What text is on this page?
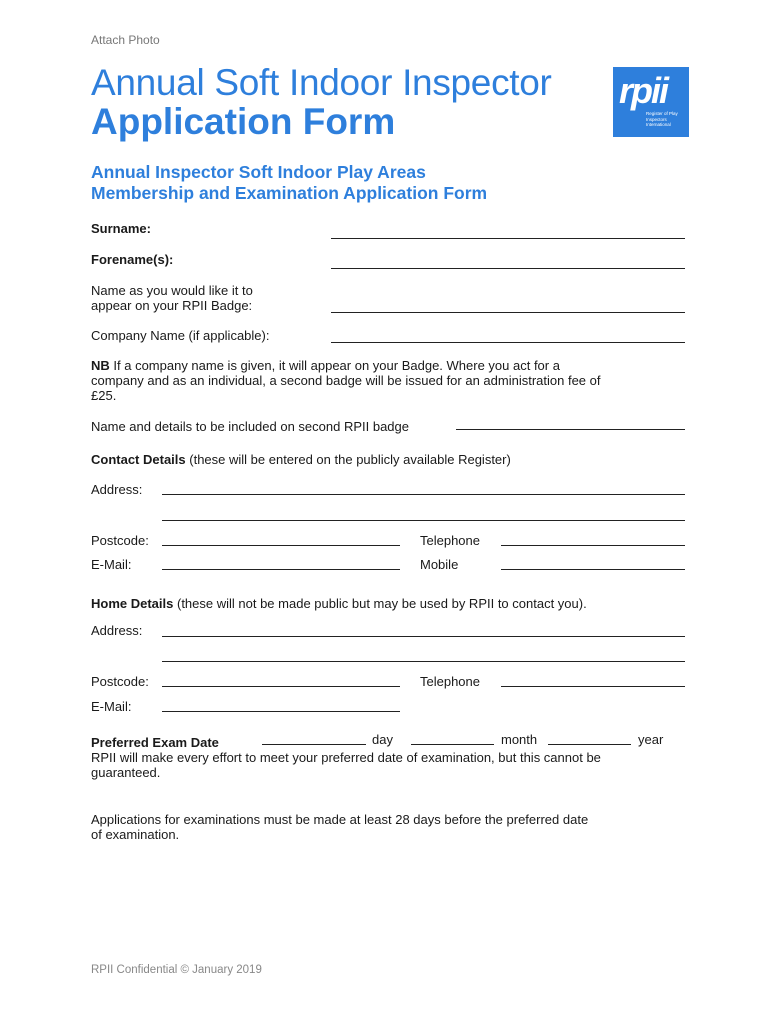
Attach Photo
Annual Soft Indoor Inspector
Application Form
rpii
Register of Play Inspectors International
Annual Inspector Soft Indoor Play Areas
Membership and Examination Application Form
Surname:
Forename(s):
Name as you would like it to
appear on your RPII Badge:
Company Name (if applicable):
NB If a company name is given, it will appear on your Badge. Where you act for a
company and as an individual, a second badge will be issued for an administration fee of
£25.
Name and details to be included on second RPII badge
Contact Details (these will be entered on the publicly available Register)
Address:
Postcode:	Telephone
E-Mail:	Mobile
Home Details (these will not be made public but may be used by RPII to contact you).
Address:
Postcode:	Telephone
E-Mail:
Preferred Exam Date	day	month	year
RPII will make every effort to meet your preferred date of examination, but this cannot be
guaranteed.
Applications for examinations must be made at least 28 days before the preferred date
of examination.
RPII Confidential © January 2019
